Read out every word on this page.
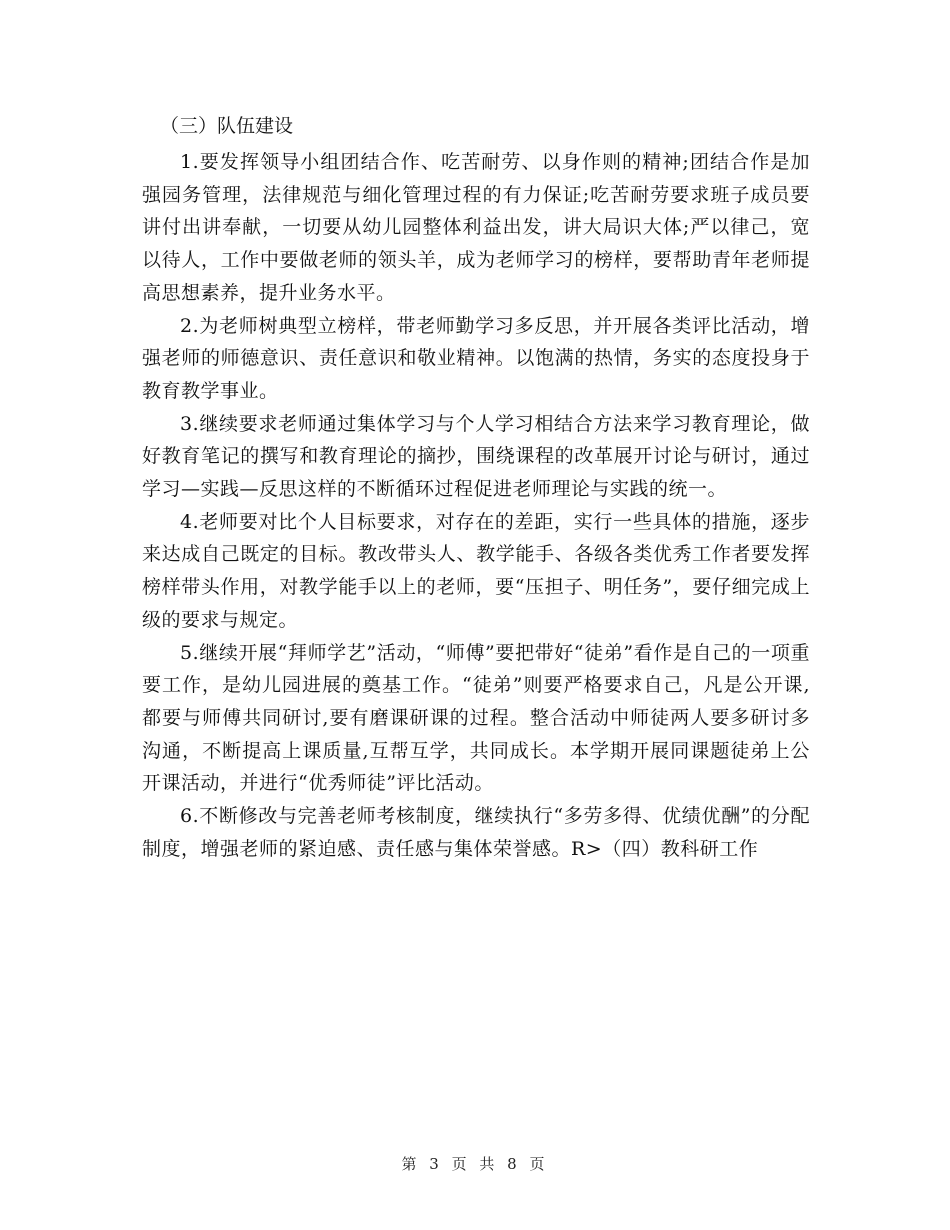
（三）队伍建设

1.要发挥领导小组团结合作、吃苦耐劳、以身作则的精神;团结合作是加强园务管理，法律规范与细化管理过程的有力保证;吃苦耐劳要求班子成员要讲付出讲奉献，一切要从幼儿园整体利益出发，讲大局识大体;严以律己，宽以待人，工作中要做老师的领头羊，成为老师学习的榜样，要帮助青年老师提高思想素养，提升业务水平。

2.为老师树典型立榜样，带老师勤学习多反思，并开展各类评比活动，增强老师的师德意识、责任意识和敬业精神。以饱满的热情，务实的态度投身于教育教学事业。

3.继续要求老师通过集体学习与个人学习相结合方法来学习教育理论，做好教育笔记的撰写和教育理论的摘抄，围绕课程的改革展开讨论与研讨，通过学习—实践—反思这样的不断循环过程促进老师理论与实践的统一。

4.老师要对比个人目标要求，对存在的差距，实行一些具体的措施，逐步来达成自己既定的目标。教改带头人、教学能手、各级各类优秀工作者要发挥榜样带头作用，对教学能手以上的老师，要“压担子、明任务”，要仔细完成上级的要求与规定。

5.继续开展“拜师学艺”活动，“师傅”要把带好“徒弟”看作是自己的一项重要工作，是幼儿园进展的奠基工作。“徒弟”则要严格要求自己，凡是公开课,都要与师傅共同研讨,要有磨课研课的过程。整合活动中师徒两人要多研讨多沟通，不断提高上课质量,互帮互学，共同成长。本学期开展同课题徒弟上公开课活动，并进行“优秀师徒”评比活动。

6.不断修改与完善老师考核制度，继续执行“多劳多得、优绩优酬”的分配制度，增强老师的紧迫感、责任感与集体荣誉感。R>（四）教科研工作

第 3 页 共 8 页
